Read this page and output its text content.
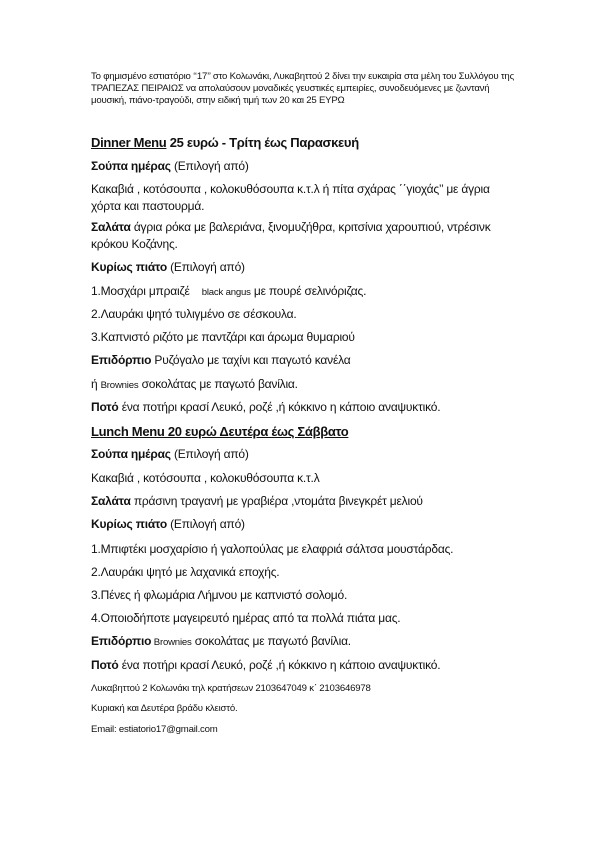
Το φημισμένο εστιατόριο ‘‘17’’ στο Κολωνάκι, Λυκαβηττού 2 δίνει την ευκαιρία στα μέλη του Συλλόγου της ΤΡΑΠΕΖΑΣ ΠΕΙΡΑΙΩΣ να απολαύσουν μοναδικές γευστικές εμπειρίες, συνοδευόμενες με ζωντανή μουσική, πιάνο-τραγούδι, στην ειδική τιμή των 20 και 25 ΕΥΡΩ
Dinner Menu 25 ευρώ - Τρίτη έως Παρασκευή
Σούπα ημέρας (Επιλογή από)
Κακαβιά , κοτόσουπα , κολοκυθόσουπα κ.τ.λ ή πίτα σχάρας ΄΄γιοχάς’’ με άγρια χόρτα και παστουρμά.
Σαλάτα άγρια ρόκα με βαλεριάνα, ξινομυζήθρα, κριτσίνια χαρουπιού, ντρέσινκ κρόκου Κοζάνης.
Κυρίως πιάτο (Επιλογή από)
1.Μοσχάρι μπραιζέ black angus με πουρέ σελινόριζας.
2.Λαυράκι ψητό τυλιγμένο σε σέσκουλα.
3.Καπνιστό ριζότο με παντζάρι και άρωμα θυμαριού
Επιδόρπιο Ρυζόγαλο με ταχίνι και παγωτό κανέλα
ή Brownies σοκολάτας με παγωτό βανίλια.
Ποτό ένα ποτήρι κρασί Λευκό, ροζέ ,ή κόκκινο η κάποιο αναψυκτικό.
Lunch Menu 20 ευρώ Δευτέρα έως Σάββατο
Σούπα ημέρας (Επιλογή από)
Κακαβιά , κοτόσουπα , κολοκυθόσουπα κ.τ.λ
Σαλάτα πράσινη τραγανή με γραβιέρα ,ντομάτα βινεγκρέτ μελιού
Κυρίως πιάτο (Επιλογή από)
1.Μπιφτέκι μοσχαρίσιο ή γαλοπούλας με ελαφριά σάλτσα μουστάρδας.
2.Λαυράκι ψητό με λαχανικά εποχής.
3.Πένες ή φλωμάρια Λήμνου με καπνιστό σολομό.
4.Οποιοδήποτε μαγειρευτό ημέρας από τα πολλά πιάτα μας.
Επιδόρπιο Brownies σοκολάτας με παγωτό βανίλια.
Ποτό ένα ποτήρι κρασί Λευκό, ροζέ ,ή κόκκινο η κάποιο αναψυκτικό.
Λυκαβηττού 2 Κολωνάκι τηλ κρατήσεων 2103647049 κ΄ 2103646978
Κυριακή και Δευτέρα βράδυ κλειστό.
Email: estiatorio17@gmail.com
